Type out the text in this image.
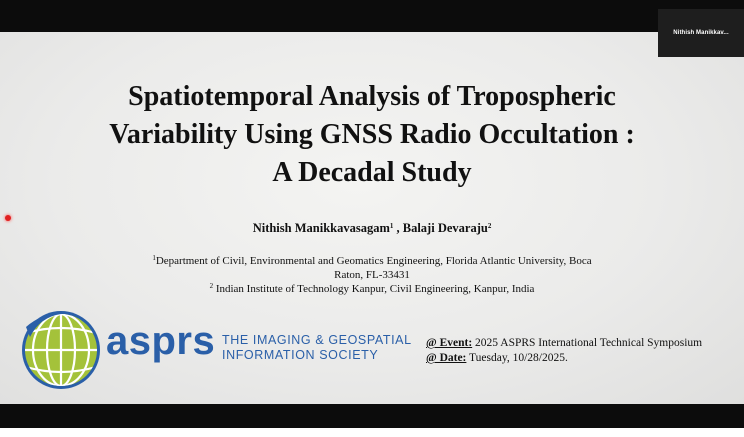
Spatiotemporal Analysis of Tropospheric
Variability Using GNSS Radio Occultation :
A Decadal Study
Nithish Manikkavasagam$^1$ , Balaji Devaraju$^2$
$^1$Department of Civil, Environmental and Geomatics Engineering, Florida Atlantic University, Boca
Raton, FL-33431
$^2$ Indian Institute of Technology Kanpur, Civil Engineering, Kanpur, India
asprs THE IMAGING & GEOSPATIAL
INFORMATION SOCIETY
@ Event: 2025 ASPRS International Technical Symposium
@ Date: Tuesday, 10/28/2025.
Nithish Manikkav...
